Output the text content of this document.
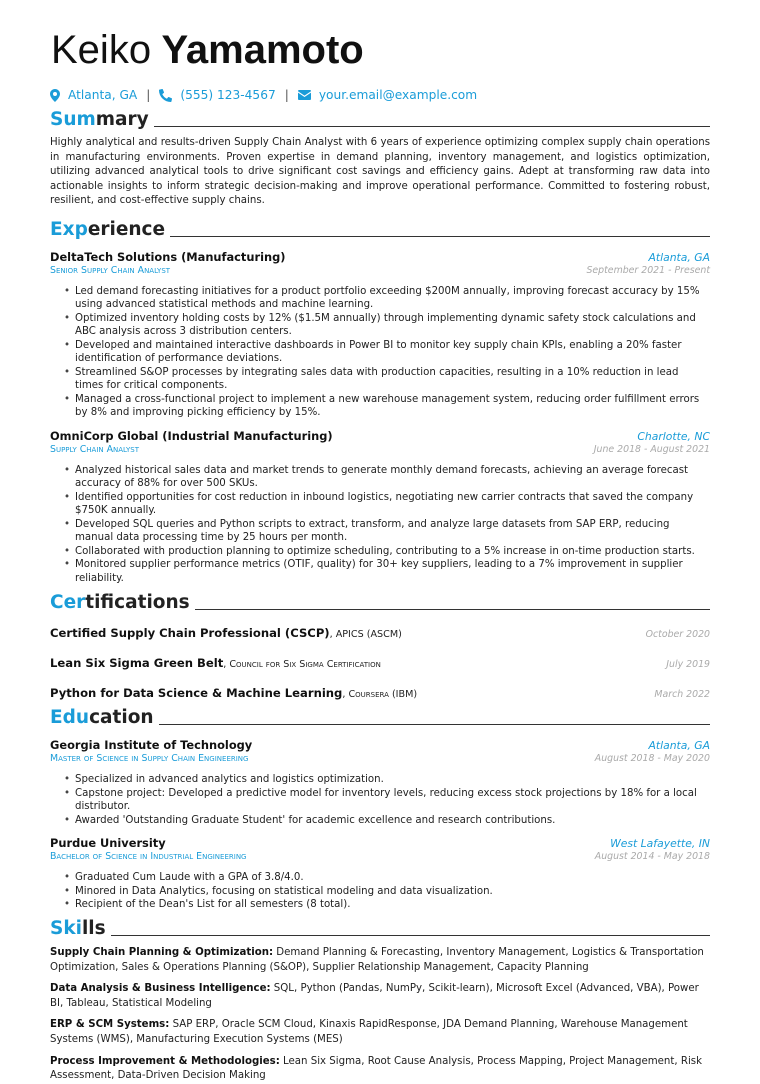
Keiko Yamamoto
Atlanta, GA | (555) 123-4567 | your.email@example.com
Summary
Highly analytical and results-driven Supply Chain Analyst with 6 years of experience optimizing complex supply chain operations in manufacturing environments. Proven expertise in demand planning, inventory management, and logistics optimization, utilizing advanced analytical tools to drive significant cost savings and efficiency gains. Adept at transforming raw data into actionable insights to inform strategic decision-making and improve operational performance. Committed to fostering robust, resilient, and cost-effective supply chains.
Experience
DeltaTech Solutions (Manufacturing)	Atlanta, GA
Senior Supply Chain Analyst	September 2021 - Present
• Led demand forecasting initiatives for a product portfolio exceeding $200M annually, improving forecast accuracy by 15% using advanced statistical methods and machine learning.
• Optimized inventory holding costs by 12% ($1.5M annually) through implementing dynamic safety stock calculations and ABC analysis across 3 distribution centers.
• Developed and maintained interactive dashboards in Power BI to monitor key supply chain KPIs, enabling a 20% faster identification of performance deviations.
• Streamlined S&OP processes by integrating sales data with production capacities, resulting in a 10% reduction in lead times for critical components.
• Managed a cross-functional project to implement a new warehouse management system, reducing order fulfillment errors by 8% and improving picking efficiency by 15%.
OmniCorp Global (Industrial Manufacturing)	Charlotte, NC
Supply Chain Analyst	June 2018 - August 2021
• Analyzed historical sales data and market trends to generate monthly demand forecasts, achieving an average forecast accuracy of 88% for over 500 SKUs.
• Identified opportunities for cost reduction in inbound logistics, negotiating new carrier contracts that saved the company $750K annually.
• Developed SQL queries and Python scripts to extract, transform, and analyze large datasets from SAP ERP, reducing manual data processing time by 25 hours per month.
• Collaborated with production planning to optimize scheduling, contributing to a 5% increase in on-time production starts.
• Monitored supplier performance metrics (OTIF, quality) for 30+ key suppliers, leading to a 7% improvement in supplier reliability.
Certifications
Certified Supply Chain Professional (CSCP), APICS (ASCM)	October 2020
Lean Six Sigma Green Belt, Council for Six Sigma Certification	July 2019
Python for Data Science & Machine Learning, Coursera (IBM)	March 2022
Education
Georgia Institute of Technology	Atlanta, GA
Master of Science in Supply Chain Engineering	August 2018 - May 2020
• Specialized in advanced analytics and logistics optimization.
• Capstone project: Developed a predictive model for inventory levels, reducing excess stock projections by 18% for a local distributor.
• Awarded 'Outstanding Graduate Student' for academic excellence and research contributions.
Purdue University	West Lafayette, IN
Bachelor of Science in Industrial Engineering	August 2014 - May 2018
• Graduated Cum Laude with a GPA of 3.8/4.0.
• Minored in Data Analytics, focusing on statistical modeling and data visualization.
• Recipient of the Dean's List for all semesters (8 total).
Skills
Supply Chain Planning & Optimization: Demand Planning & Forecasting, Inventory Management, Logistics & Transportation Optimization, Sales & Operations Planning (S&OP), Supplier Relationship Management, Capacity Planning
Data Analysis & Business Intelligence: SQL, Python (Pandas, NumPy, Scikit-learn), Microsoft Excel (Advanced, VBA), Power BI, Tableau, Statistical Modeling
ERP & SCM Systems: SAP ERP, Oracle SCM Cloud, Kinaxis RapidResponse, JDA Demand Planning, Warehouse Management Systems (WMS), Manufacturing Execution Systems (MES)
Process Improvement & Methodologies: Lean Six Sigma, Root Cause Analysis, Process Mapping, Project Management, Risk Assessment, Data-Driven Decision Making
